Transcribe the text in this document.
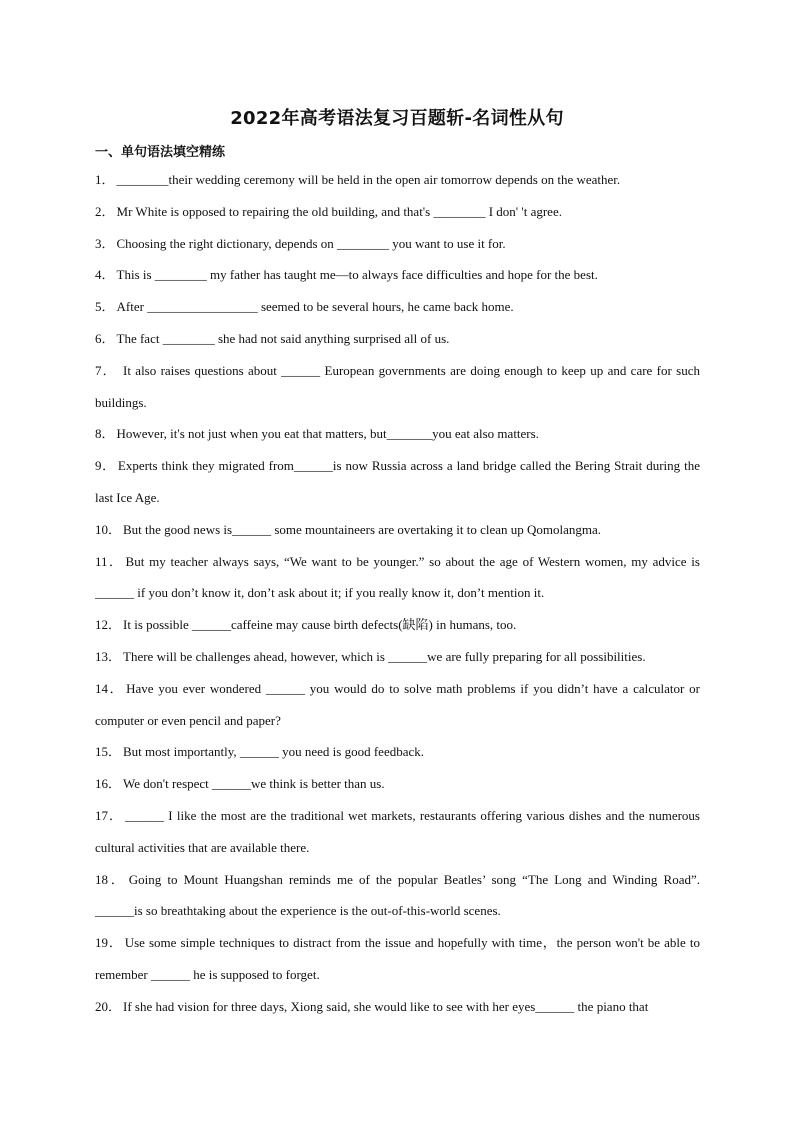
2022年高考语法复习百题斩-名词性从句
一、单句语法填空精练

1． ________their wedding ceremony will be held in the open air tomorrow depends on the weather.

2． Mr White is opposed to repairing the old building, and that's ________ I don' 't agree.

3． Choosing the right dictionary, depends on ________ you want to use it for.

4． This is ________ my father has taught me—to always face difficulties and hope for the best.

5． After _________________ seemed to be several hours, he came back home.

6． The fact ________ she had not said anything surprised all of us.

7． It also raises questions about ______ European governments are doing enough to keep up and care for such buildings.

8． However, it's not just when you eat that matters, but_______you eat also matters.

9． Experts think they migrated from______is now Russia across a land bridge called the Bering Strait during the last Ice Age.

10． But the good news is______ some mountaineers are overtaking it to clean up Qomolangma.

11． But my teacher always says, “We want to be younger.” so about the age of Western women, my advice is ______ if you don’t know it, don’t ask about it; if you really know it, don’t mention it.

12． It is possible ______caffeine may cause birth defects(缺陷) in humans, too.

13． There will be challenges ahead, however, which is ______we are fully preparing for all possibilities.

14． Have you ever wondered ______ you would do to solve math problems if you didn’t have a calculator or computer or even pencil and paper?

15． But most importantly, ______ you need is good feedback.

16． We don't respect ______we think is better than us.

17． ______ I like the most are the traditional wet markets, restaurants offering various dishes and the numerous cultural activities that are available there.

18． Going to Mount Huangshan reminds me of the popular Beatles’ song “The Long and Winding Road”. ______is so breathtaking about the experience is the out-of-this-world scenes.

19． Use some simple techniques to distract from the issue and hopefully with time，the person won't be able to remember ______ he is supposed to forget.

20． If she had vision for three days, Xiong said, she would like to see with her eyes______ the piano that
